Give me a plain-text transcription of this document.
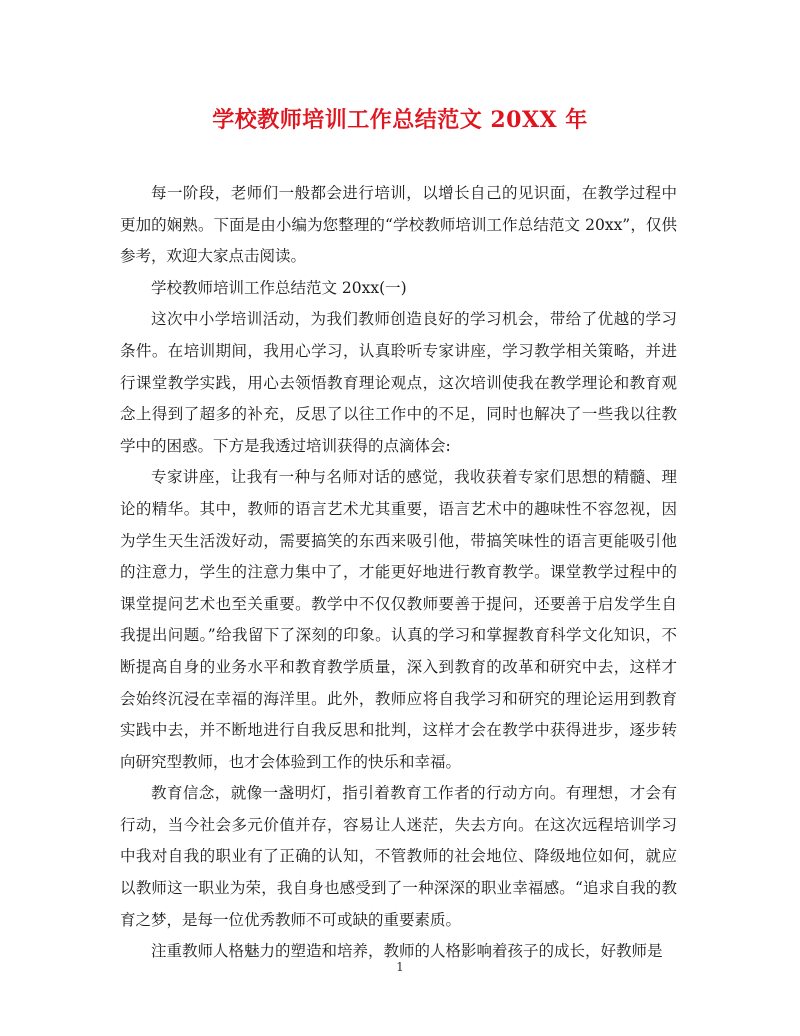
学校教师培训工作总结范文 20XX 年

每一阶段，老师们一般都会进行培训，以增长自己的见识面，在教学过程中更加的娴熟。下面是由小编为您整理的“学校教师培训工作总结范文 20xx”，仅供参考，欢迎大家点击阅读。

学校教师培训工作总结范文 20xx(一)

这次中小学培训活动，为我们教师创造良好的学习机会，带给了优越的学习条件。在培训期间，我用心学习，认真聆听专家讲座，学习教学相关策略，并进行课堂教学实践，用心去领悟教育理论观点，这次培训使我在教学理论和教育观念上得到了超多的补充，反思了以往工作中的不足，同时也解决了一些我以往教学中的困惑。下方是我透过培训获得的点滴体会:

专家讲座，让我有一种与名师对话的感觉，我收获着专家们思想的精髓、理论的精华。其中，教师的语言艺术尤其重要，语言艺术中的趣味性不容忽视，因为学生天生活泼好动，需要搞笑的东西来吸引他，带搞笑味性的语言更能吸引他的注意力，学生的注意力集中了，才能更好地进行教育教学。课堂教学过程中的课堂提问艺术也至关重要。教学中不仅仅教师要善于提问，还要善于启发学生自我提出问题。”给我留下了深刻的印象。认真的学习和掌握教育科学文化知识，不断提高自身的业务水平和教育教学质量，深入到教育的改革和研究中去，这样才会始终沉浸在幸福的海洋里。此外，教师应将自我学习和研究的理论运用到教育实践中去，并不断地进行自我反思和批判，这样才会在教学中获得进步，逐步转向研究型教师，也才会体验到工作的快乐和幸福。

教育信念，就像一盏明灯，指引着教育工作者的行动方向。有理想，才会有行动，当今社会多元价值并存，容易让人迷茫，失去方向。在这次远程培训学习中我对自我的职业有了正确的认知，不管教师的社会地位、降级地位如何，就应以教师这一职业为荣，我自身也感受到了一种深深的职业幸福感。“追求自我的教育之梦，是每一位优秀教师不可或缺的重要素质。

注重教师人格魅力的塑造和培养，教师的人格影响着孩子的成长，好教师是

1
